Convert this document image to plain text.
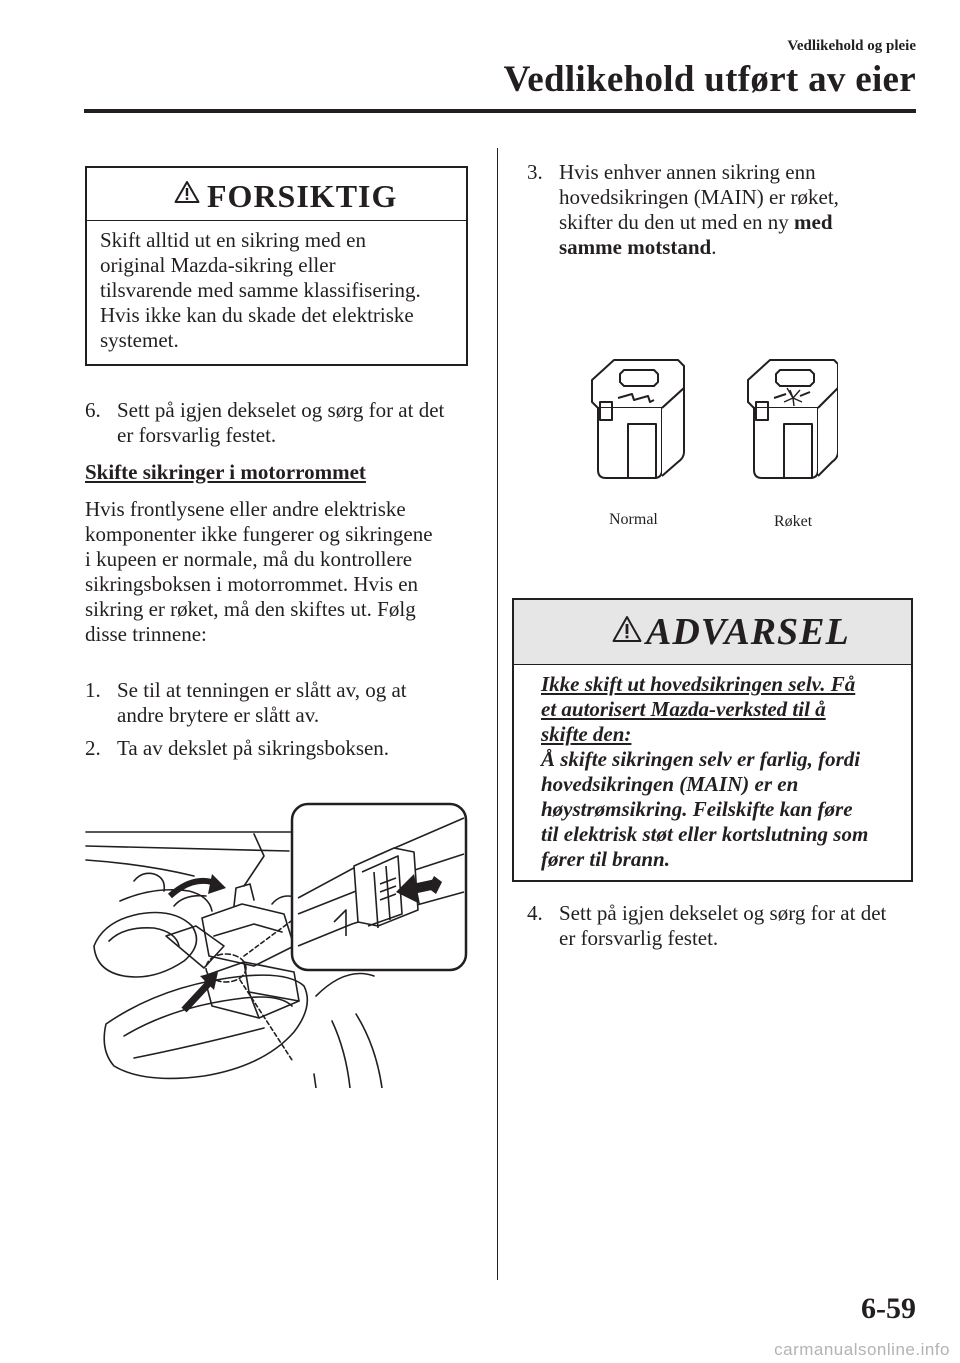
Vedlikehold og pleie
Vedlikehold utført av eier
FORSIKTIG
Skift alltid ut en sikring med en
original Mazda-sikring eller
tilsvarende med samme klassifisering.
Hvis ikke kan du skade det elektriske
systemet.
6. Sett på igjen dekselet og sørg for at det
er forsvarlig festet.
Skifte sikringer i motorrommet
Hvis frontlysene eller andre elektriske
komponenter ikke fungerer og sikringene
i kupeen er normale, må du kontrollere
sikringsboksen i motorrommet. Hvis en
sikring er røket, må den skiftes ut. Følg
disse trinnene:
1. Se til at tenningen er slått av, og at
andre brytere er slått av.
2. Ta av dekslet på sikringsboksen.
3. Hvis enhver annen sikring enn
hovedsikringen (MAIN) er røket,
skifter du den ut med en ny med
samme motstand.
Normal	Røket
ADVARSEL
Ikke skift ut hovedsikringen selv. Få
et autorisert Mazda-verksted til å
skifte den:
Å skifte sikringen selv er farlig, fordi
hovedsikringen (MAIN) er en
høystrømsikring. Feilskifte kan føre
til elektrisk støt eller kortslutning som
fører til brann.
4. Sett på igjen dekselet og sørg for at det
er forsvarlig festet.
6-59
carmanualsonline.info
